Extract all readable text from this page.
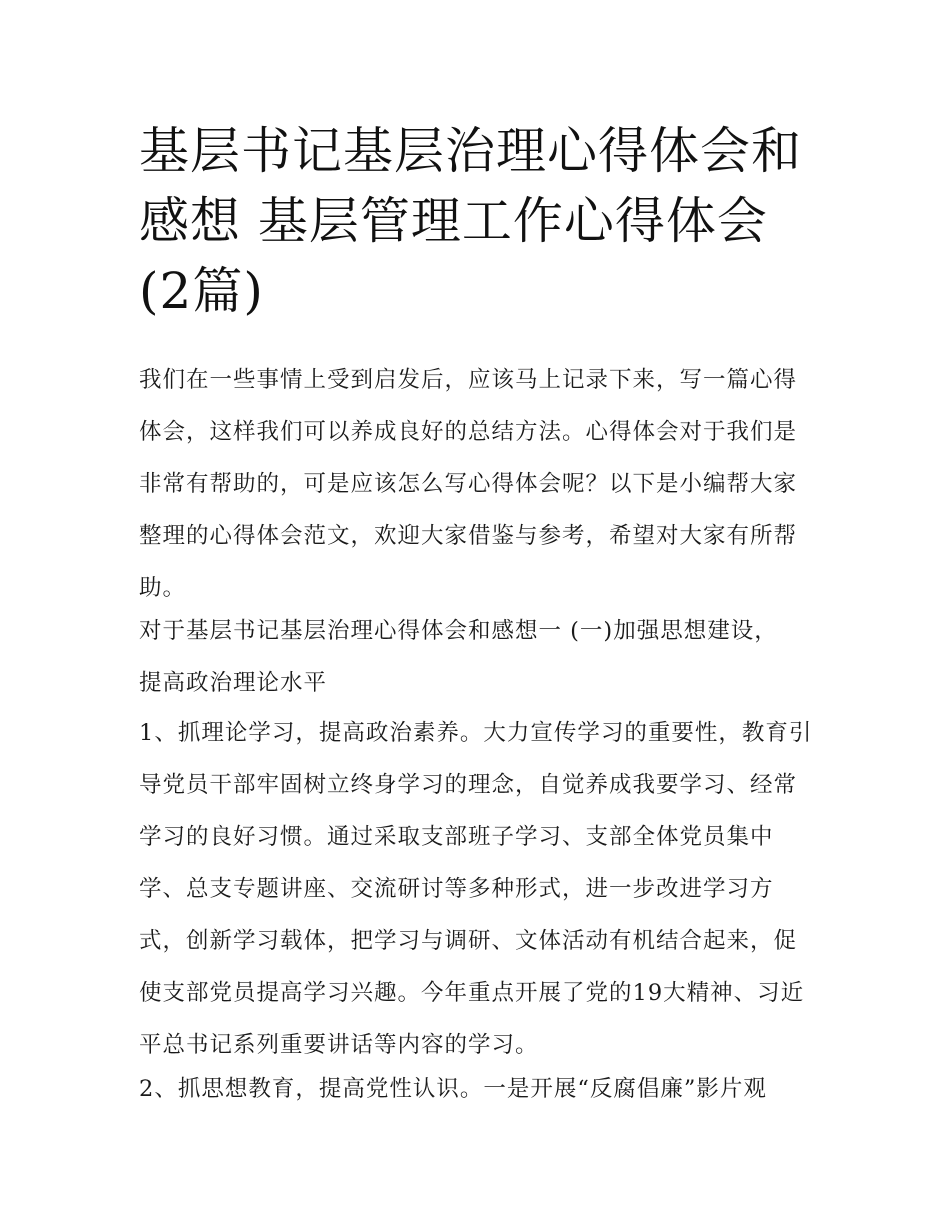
基层书记基层治理心得体会和感想 基层管理工作心得体会(2篇)

我们在一些事情上受到启发后，应该马上记录下来，写一篇心得体会，这样我们可以养成良好的总结方法。心得体会对于我们是非常有帮助的，可是应该怎么写心得体会呢？以下是小编帮大家整理的心得体会范文，欢迎大家借鉴与参考，希望对大家有所帮助。

对于基层书记基层治理心得体会和感想一 (一)加强思想建设，提高政治理论水平

1、抓理论学习，提高政治素养。大力宣传学习的重要性，教育引导党员干部牢固树立终身学习的理念，自觉养成我要学习、经常学习的良好习惯。通过采取支部班子学习、支部全体党员集中学、总支专题讲座、交流研讨等多种形式，进一步改进学习方式，创新学习载体，把学习与调研、文体活动有机结合起来，促使支部党员提高学习兴趣。今年重点开展了党的19大精神、习近平总书记系列重要讲话等内容的学习。

2、抓思想教育，提高党性认识。一是开展“反腐倡廉”影片观
